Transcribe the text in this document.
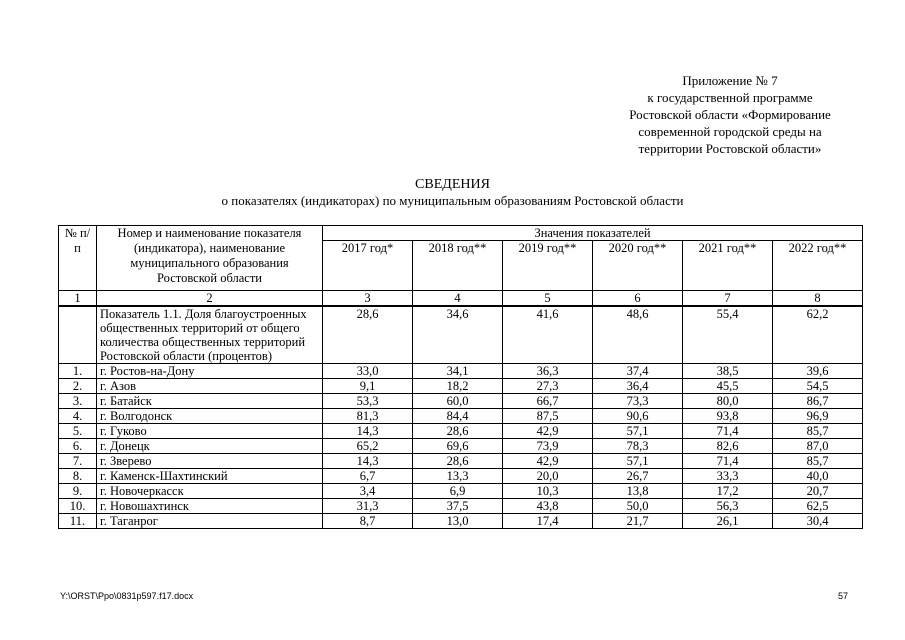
Приложение № 7
к государственной программе
Ростовской области «Формирование
современной городской среды на
территории Ростовской области»
СВЕДЕНИЯ
о показателях (индикаторах) по муниципальным образованиям Ростовской области
№ п/п	Номер и наименование показателя (индикатора), наименование муниципального образования Ростовской области	Значения показателей					
		2017 год*	2018 год**	2019 год**	2020 год**	2021 год**	2022 год**
1	2	3	4	5	6	7	8
	Показатель 1.1. Доля благоустроенных общественных территорий от общего количества общественных территорий Ростовской области (процентов)	28,6	34,6	41,6	48,6	55,4	62,2
1.	г. Ростов-на-Дону	33,0	34,1	36,3	37,4	38,5	39,6
2.	г. Азов	9,1	18,2	27,3	36,4	45,5	54,5
3.	г. Батайск	53,3	60,0	66,7	73,3	80,0	86,7
4.	г. Волгодонск	81,3	84,4	87,5	90,6	93,8	96,9
5.	г. Гуково	14,3	28,6	42,9	57,1	71,4	85,7
6.	г. Донецк	65,2	69,6	73,9	78,3	82,6	87,0
7.	г. Зверево	14,3	28,6	42,9	57,1	71,4	85,7
8.	г. Каменск-Шахтинский	6,7	13,3	20,0	26,7	33,3	40,0
9.	г. Новочеркасск	3,4	6,9	10,3	13,8	17,2	20,7
10.	г. Новошахтинск	31,3	37,5	43,8	50,0	56,3	62,5
11.	г. Таганрог	8,7	13,0	17,4	21,7	26,1	30,4
Y:\ORST\Ppo\0831p597.f17.docx	57
